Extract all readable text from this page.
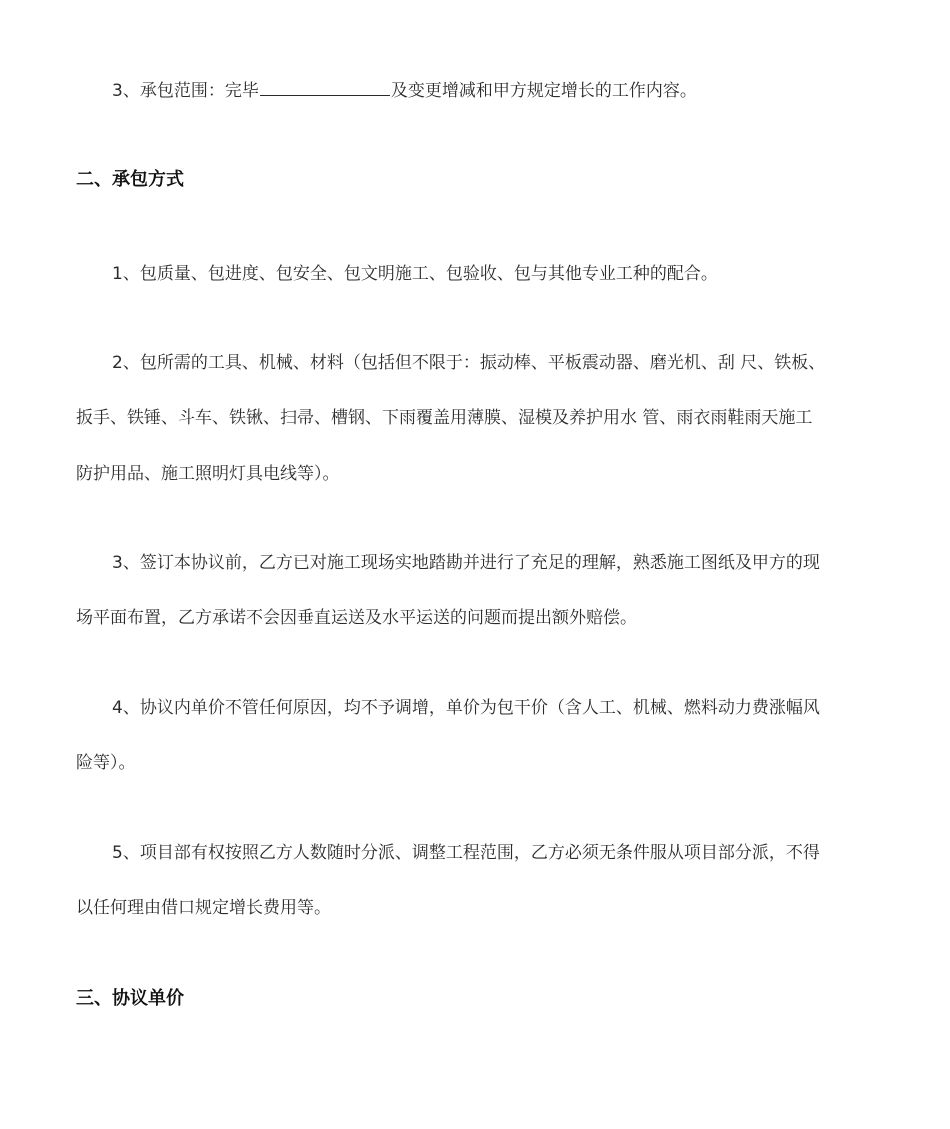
3、承包范围：完毕	及变更增减和甲方规定增长的工作内容。
二、承包方式
1、包质量、包进度、包安全、包文明施工、包验收、包与其他专业工种的配合。
2、包所需的工具、机械、材料（包括但不限于：振动棒、平板震动器、磨光机、刮 尺、铁板、
扳手、铁锤、斗车、铁锹、扫帚、槽钢、下雨覆盖用薄膜、湿模及养护用水 管、雨衣雨鞋雨天施工
防护用品、施工照明灯具电线等）。
3、签订本协议前，乙方已对施工现场实地踏勘并进行了充足的理解，熟悉施工图纸及甲方的现
场平面布置，乙方承诺不会因垂直运送及水平运送的问题而提出额外赔偿。
4、协议内单价不管任何原因，均不予调增，单价为包干价（含人工、机械、燃料动力费涨幅风
险等）。
5、项目部有权按照乙方人数随时分派、调整工程范围，乙方必须无条件服从项目部分派，不得
以任何理由借口规定增长费用等。
三、协议单价
